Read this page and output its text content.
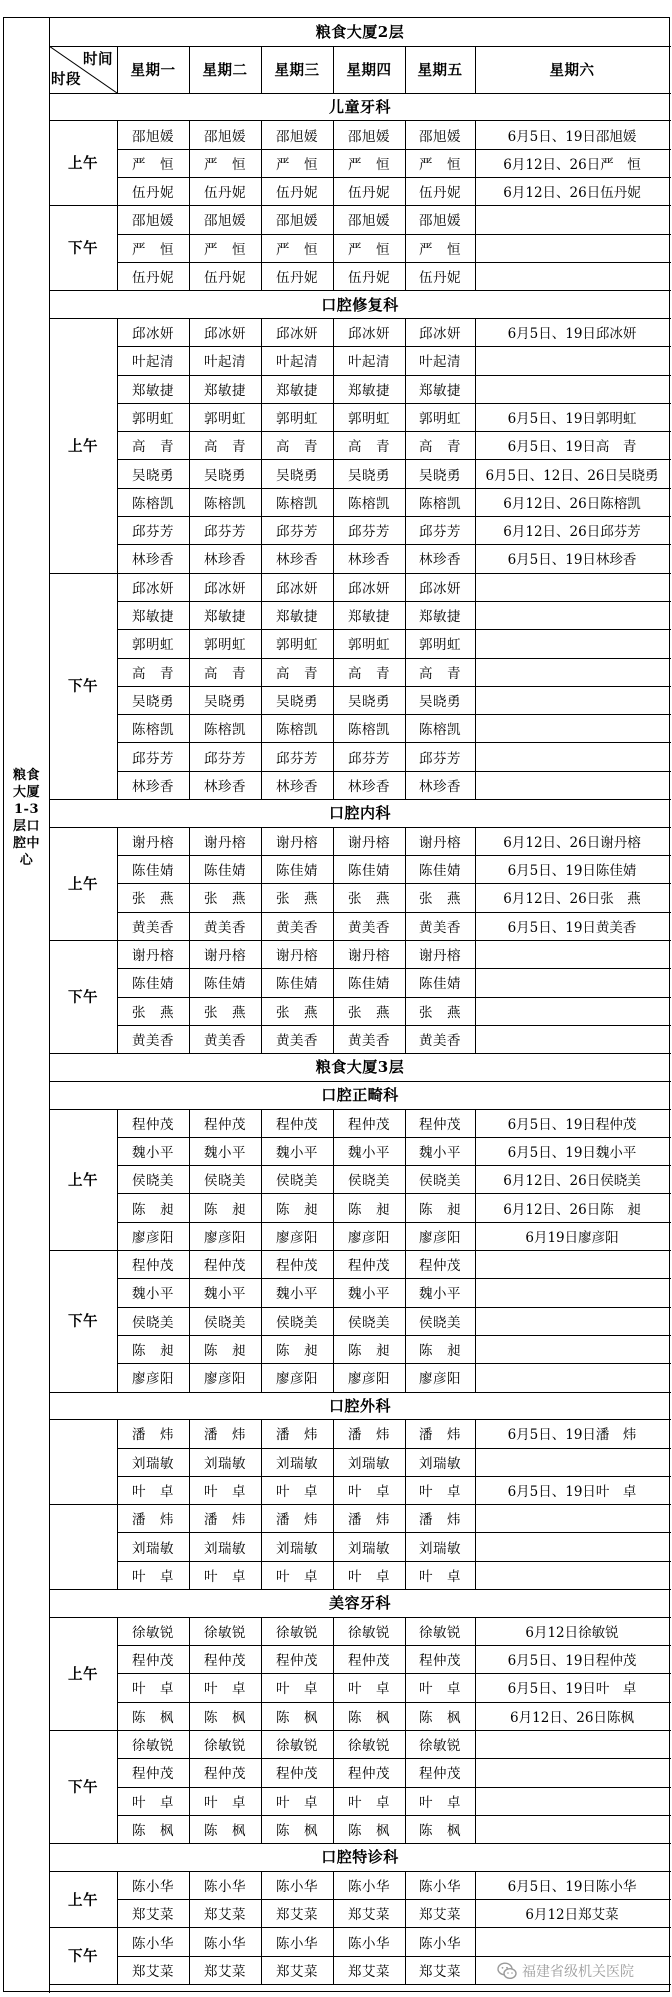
粮食大厦2层
时间
时段
星期一	星期二	星期三	星期四	星期五	星期六
儿童牙科
上午
邵旭媛	邵旭媛	邵旭媛	邵旭媛	邵旭媛	6月5日、19日邵旭媛
严　恒	严　恒	严　恒	严　恒	严　恒	6月12日、26日严　恒
伍丹妮	伍丹妮	伍丹妮	伍丹妮	伍丹妮	6月12日、26日伍丹妮
下午
邵旭媛	邵旭媛	邵旭媛	邵旭媛	邵旭媛
严　恒	严　恒	严　恒	严　恒	严　恒
伍丹妮	伍丹妮	伍丹妮	伍丹妮	伍丹妮
口腔修复科
上午
邱冰妍	邱冰妍	邱冰妍	邱冰妍	邱冰妍	6月5日、19日邱冰妍
叶起清	叶起清	叶起清	叶起清	叶起清
郑敏捷	郑敏捷	郑敏捷	郑敏捷	郑敏捷
郭明虹	郭明虹	郭明虹	郭明虹	郭明虹	6月5日、19日郭明虹
高　青	高　青	高　青	高　青	高　青	6月5日、19日高　青
吴晓勇	吴晓勇	吴晓勇	吴晓勇	吴晓勇	6月5日、12日、26日吴晓勇
陈榕凯	陈榕凯	陈榕凯	陈榕凯	陈榕凯	6月12日、26日陈榕凯
邱芬芳	邱芬芳	邱芬芳	邱芬芳	邱芬芳	6月12日、26日邱芬芳
林珍香	林珍香	林珍香	林珍香	林珍香	6月5日、19日林珍香
下午
邱冰妍	邱冰妍	邱冰妍	邱冰妍	邱冰妍
郑敏捷	郑敏捷	郑敏捷	郑敏捷	郑敏捷
郭明虹	郭明虹	郭明虹	郭明虹	郭明虹
高　青	高　青	高　青	高　青	高　青
吴晓勇	吴晓勇	吴晓勇	吴晓勇	吴晓勇
陈榕凯	陈榕凯	陈榕凯	陈榕凯	陈榕凯
邱芬芳	邱芬芳	邱芬芳	邱芬芳	邱芬芳
林珍香	林珍香	林珍香	林珍香	林珍香
口腔内科
上午
谢丹榕	谢丹榕	谢丹榕	谢丹榕	谢丹榕	6月12日、26日谢丹榕
陈佳婧	陈佳婧	陈佳婧	陈佳婧	陈佳婧	6月5日、19日陈佳婧
张　燕	张　燕	张　燕	张　燕	张　燕	6月12日、26日张　燕
黄美香	黄美香	黄美香	黄美香	黄美香	6月5日、19日黄美香
下午
谢丹榕	谢丹榕	谢丹榕	谢丹榕	谢丹榕
陈佳婧	陈佳婧	陈佳婧	陈佳婧	陈佳婧
张　燕	张　燕	张　燕	张　燕	张　燕
黄美香	黄美香	黄美香	黄美香	黄美香
粮食大厦3层
口腔正畸科
上午
程仲茂	程仲茂	程仲茂	程仲茂	程仲茂	6月5日、19日程仲茂
魏小平	魏小平	魏小平	魏小平	魏小平	6月5日、19日魏小平
侯晓美	侯晓美	侯晓美	侯晓美	侯晓美	6月12日、26日侯晓美
陈　昶	陈　昶	陈　昶	陈　昶	陈　昶	6月12日、26日陈　昶
廖彦阳	廖彦阳	廖彦阳	廖彦阳	廖彦阳	6月19日廖彦阳
下午
程仲茂	程仲茂	程仲茂	程仲茂	程仲茂
魏小平	魏小平	魏小平	魏小平	魏小平
侯晓美	侯晓美	侯晓美	侯晓美	侯晓美
陈　昶	陈　昶	陈　昶	陈　昶	陈　昶
廖彦阳	廖彦阳	廖彦阳	廖彦阳	廖彦阳
口腔外科
潘　炜	潘　炜	潘　炜	潘　炜	潘　炜	6月5日、19日潘　炜
刘瑞敏	刘瑞敏	刘瑞敏	刘瑞敏	刘瑞敏
叶　卓	叶　卓	叶　卓	叶　卓	叶　卓	6月5日、19日叶　卓
潘　炜	潘　炜	潘　炜	潘　炜	潘　炜
刘瑞敏	刘瑞敏	刘瑞敏	刘瑞敏	刘瑞敏
叶　卓	叶　卓	叶　卓	叶　卓	叶　卓
美容牙科
上午
徐敏锐	徐敏锐	徐敏锐	徐敏锐	徐敏锐	6月12日徐敏锐
程仲茂	程仲茂	程仲茂	程仲茂	程仲茂	6月5日、19日程仲茂
叶　卓	叶　卓	叶　卓	叶　卓	叶　卓	6月5日、19日叶　卓
陈　枫	陈　枫	陈　枫	陈　枫	陈　枫	6月12日、26日陈枫
下午
徐敏锐	徐敏锐	徐敏锐	徐敏锐	徐敏锐
程仲茂	程仲茂	程仲茂	程仲茂	程仲茂
叶　卓	叶　卓	叶　卓	叶　卓	叶　卓
陈　枫	陈　枫	陈　枫	陈　枫	陈　枫
口腔特诊科
上午
陈小华	陈小华	陈小华	陈小华	陈小华	6月5日、19日陈小华
郑艾菜	郑艾菜	郑艾菜	郑艾菜	郑艾菜	6月12日郑艾菜
下午
陈小华	陈小华	陈小华	陈小华	陈小华
郑艾菜	郑艾菜	郑艾菜	郑艾菜	郑艾菜
粮食大厦1-3层口腔中心
福建省级机关医院
